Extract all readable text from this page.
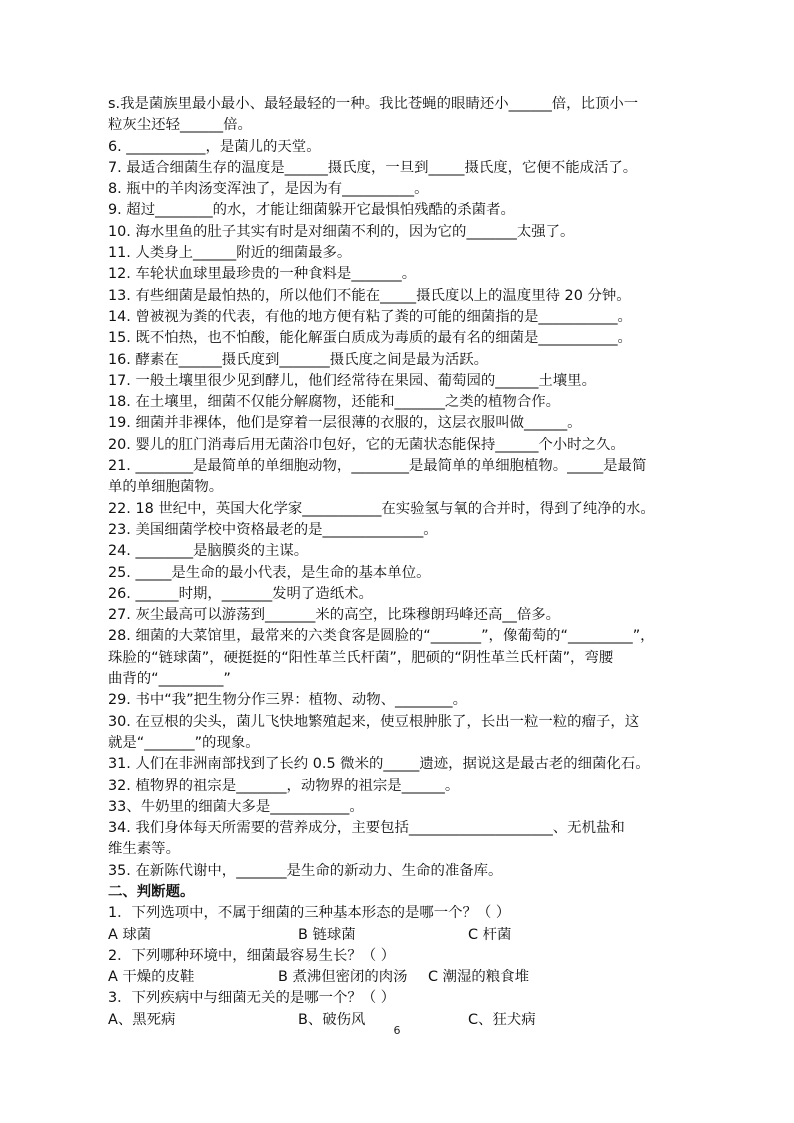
s.我是菌族里最小最小、最轻最轻的一种。我比苍蝇的眼睛还小______倍，比顶小一
粒灰尘还轻______倍。
6. ___________，是菌儿的天堂。
7. 最适合细菌生存的温度是______摄氏度，一旦到_____摄氏度，它便不能成活了。
8. 瓶中的羊肉汤变浑浊了，是因为有__________。
9. 超过________的水，才能让细菌躲开它最惧怕残酷的杀菌者。
10. 海水里鱼的肚子其实有时是对细菌不利的，因为它的_______太强了。
11. 人类身上______附近的细菌最多。
12. 车轮状血球里最珍贵的一种食料是_______。
13. 有些细菌是最怕热的，所以他们不能在_____摄氏度以上的温度里待 20 分钟。
14. 曾被视为粪的代表，有他的地方便有粘了粪的可能的细菌指的是___________。
15. 既不怕热，也不怕酸，能化解蛋白质成为毒质的最有名的细菌是___________。
16. 酵素在______摄氏度到_______摄氏度之间是最为活跃。
17. 一般土壤里很少见到酵儿，他们经常待在果园、葡萄园的______土壤里。
18. 在土壤里，细菌不仅能分解腐物，还能和_______之类的植物合作。
19. 细菌并非裸体，他们是穿着一层很薄的衣服的，这层衣服叫做______。
20. 婴儿的肛门消毒后用无菌浴巾包好，它的无菌状态能保持______个小时之久。
21. ________是最简单的单细胞动物，________是最简单的单细胞植物。_____是最简
单的单细胞菌物。
22. 18 世纪中，英国大化学家___________在实验氢与氧的合并时，得到了纯净的水。
23. 美国细菌学校中资格最老的是______________。
24. ________是脑膜炎的主谋。
25. _____是生命的最小代表，是生命的基本单位。
26. ______时期，_______发明了造纸术。
27. 灰尘最高可以游荡到_______米的高空，比珠穆朗玛峰还高__倍多。
28. 细菌的大菜馆里，最常来的六类食客是圆脸的“_______”，像葡萄的“_________”，
珠脸的“链球菌”，硬挺挺的“阳性革兰氏杆菌”，肥硕的“阴性革兰氏杆菌”，弯腰
曲背的“_________”
29. 书中“我”把生物分作三界：植物、动物、________。
30. 在豆根的尖头，菌儿飞快地繁殖起来，使豆根肿胀了，长出一粒一粒的瘤子，这
就是“_______”的现象。
31. 人们在非洲南部找到了长约 0.5 微米的_____遗迹，据说这是最古老的细菌化石。
32. 植物界的祖宗是_______，动物界的祖宗是______。
33、牛奶里的细菌大多是___________。
34. 我们身体每天所需要的营养成分，主要包括____________________、无机盐和
维生素等。
35. 在新陈代谢中，_______是生命的新动力、生命的准备库。
二、判断题。
1．下列选项中，不属于细菌的三种基本形态的是哪一个？（ ）
A 球菌	B 链球菌	C 杆菌
2．下列哪种环境中，细菌最容易生长？（ ）
A 干燥的皮鞋	B 煮沸但密闭的肉汤 C 潮湿的粮食堆
3．下列疾病中与细菌无关的是哪一个？（ ）
A、黑死病	B、破伤风	C、狂犬病
6
